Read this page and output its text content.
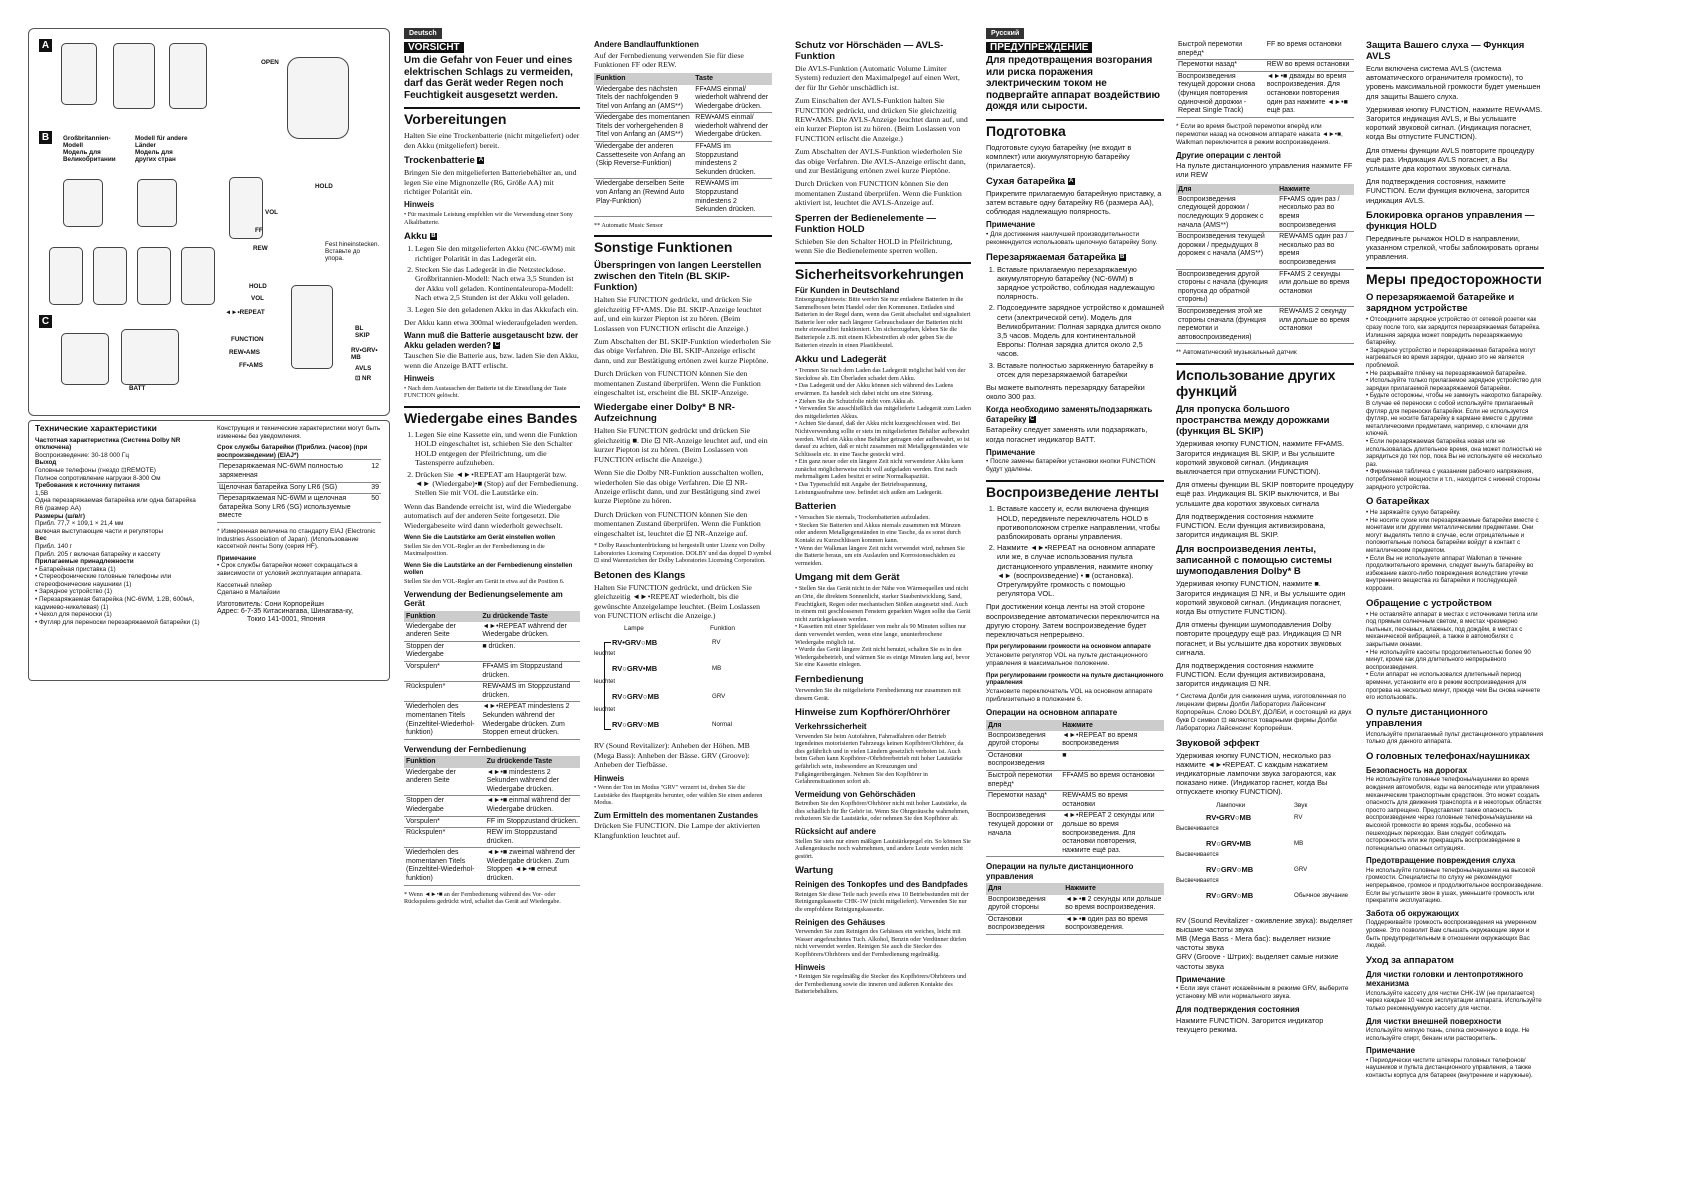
A
B
C
OPEN
Großbritannien-
Modell
Модель для
Великобритании
Modell für andere
Länder
Модель для
других стран
HOLD
VOL
FF
REW
Fest hineinstecken.
Вставьте до
упора.
HOLD
VOL
◄►•REPEAT
FUNCTION
REW•AMS
FF•AMS
BL
SKIP
RV•GRV•
MB
AVLS
⊡ NR
BATT
Технические характеристики
Частотная характеристика (Система Dolby NR отключена)
Воспроизведение: 30-18 000 Гц
Выход
Головные телефоны (гнездо ⊡REMOTE)
Полное сопротивление нагрузки 8-300 Ом
Требования к источнику питания
1,5В
Одна перезаряжаемая батарейка или одна батарейка R6 (размер AA)
Размеры (ш/в/г)
Прибл. 77,7 × 109,1 × 21,4 мм
включая выступающие части и регуляторы
Вес
Прибл. 140 г
Прибл. 205 г включая батарейку и кассету
Прилагаемые принадлежности
• Батарейная приставка (1)
• Стереофонические головные телефоны или стереофонические наушники (1)
• Зарядное устройство (1)
• Перезаряжаемая батарейка (NC-6WM, 1.2В, 600мА, кадмиево-никелевая) (1)
• Чехол для переноски (1)
• Футляр для переноски перезаряжаемой батарейки (1)

Конструкция и технические характеристики могут быть изменены без уведомления.

Срок службы батарейки (Приблиз. (часов) (при воспроизведении) (EIAJ*)
Перезаряжаемая NC-6WM полностью заряженная	12
Щелочная батарейка Sony LR6 (SG)	39
Перезаряжаемая NC-6WM и щелочная батарейка Sony LR6 (SG) используемые вместе	50

* Измеренная величина по стандарту EIAJ (Electronic Industries Association of Japan). (Использование кассетной ленты Sony (серия HF).

Примечание

• Срок службы батарейки может сокращаться в зависимости от условий эксплуатации аппарата.

Кассетный плейер

Сделано в Малайзии

Изготовитель: Сони Корпорейшн
Адрес: 6-7-35 Китасинагава, Шинагава-ку,
Токио 141-0001, Япония
Deutsch
VORSICHT
Um die Gefahr von Feuer und eines elektrischen Schlags zu vermeiden, darf das Gerät weder Regen noch Feuchtigkeit ausgesetzt werden.
Vorbereitungen

Halten Sie eine Trockenbatterie (nicht mitgeliefert) oder den Akku (mitgeliefert) bereit.

Trockenbatterie A

Bringen Sie den mitgelieferten Batteriebehälter an, und legen Sie eine Mignonzelle (R6, Größe AA) mit richtiger Polarität ein.

Hinweis

• Für maximale Leistung empfehlen wir die Verwendung einer Sony Alkalibatterie.

Akku B
1. Legen Sie den mitgelieferten Akku (NC-6WM) mit richtiger Polarität in das Ladegerät ein.
2. Stecken Sie das Ladegerät in die Netzsteckdose. Großbritannien-Modell: Nach etwa 3,5 Stunden ist der Akku voll geladen. Kontinentaleuropa-Modell: Nach etwa 2,5 Stunden ist der Akku voll geladen.
3. Legen Sie den geladenen Akku in das Akkufach ein.

Der Akku kann etwa 300mal wiederaufgeladen werden.

Wann muß die Batterie ausgetauscht bzw. der Akku geladen werden? C

Tauschen Sie die Batterie aus, bzw. laden Sie den Akku, wenn die Anzeige BATT erlischt.

Hinweis

• Nach dem Austauschen der Batterie ist die Einstellung der Taste FUNCTION gelöscht.

Wiedergabe eines Bandes
1. Legen Sie eine Kassette ein, und wenn die Funktion HOLD eingeschaltet ist, schieben Sie den Schalter HOLD entgegen der Pfeilrichtung, um die Tastensperre aufzuheben.
2. Drücken Sie ◄►•REPEAT am Hauptgerät bzw. ◄► (Wiedergabe)•■ (Stop) auf der Fernbedienung. Stellen Sie mit VOL die Lautstärke ein.

Wenn das Bandende erreicht ist, wird die Wiedergabe automatisch auf der anderen Seite fortgesetzt. Die Wiedergabeseite wird dann wiederholt gewechselt.

Wenn Sie die Lautstärke am Gerät einstellen wollen

Stellen Sie den VOL-Regler an der Fernbedienung in die Maximalposition.

Wenn Sie die Lautstärke an der Fernbedienung einstellen wollen

Stellen Sie den VOL-Regler am Gerät in etwa auf die Position 6.

Verwendung der Bedienungselemente am Gerät
Funktion	Zu drückende Taste
Wiedergabe der anderen Seite	◄►•REPEAT während der Wiedergabe drücken.
Stoppen der Wiedergabe	■ drücken.
Vorspulen*	FF•AMS im Stoppzustand drücken.
Rückspulen*	REW•AMS im Stoppzustand drücken.
Wiederholen des momentanen Titels (Einzeltitel-Wiederhol-funktion)	◄►•REPEAT mindestens 2 Sekunden während der Wiedergabe drücken. Zum Stoppen erneut drücken.
Verwendung der Fernbedienung
Funktion	Zu drückende Taste
Wiedergabe der anderen Seite	◄►•■ mindestens 2 Sekunden während der Wiedergabe drücken.
Stoppen der Wiedergabe	◄►•■ einmal während der Wiedergabe drücken.
Vorspulen*	FF im Stoppzustand drücken.
Rückspulen*	REW im Stoppzustand drücken.
Wiederholen des momentanen Titels (Einzeltitel-Wiederhol-funktion)	◄►•■ zweimal während der Wiedergabe drücken. Zum Stoppen ◄►•■ erneut drücken.

* Wenn ◄►•■ an der Fernbedienung während des Vor- oder Rückspulens gedrückt wird, schaltet das Gerät auf Wiedergabe.

Andere Bandlauffunktionen

Auf der Fernbedienung verwenden Sie für diese Funktionen FF oder REW.

Funktion	Taste
Wiedergabe des nächsten Titels der nachfolgenden 9 Titel von Anfang an (AMS**)	FF•AMS einmal/ wiederholt während der Wiedergabe drücken.
Wiedergabe des momentanen Titels der vorhergehenden 8 Titel von Anfang an (AMS**)	REW•AMS einmal/ wiederholt während der Wiedergabe drücken.
Wiedergabe der anderen Cassetteseite von Anfang an (Skip Reverse-Funktion)	FF•AMS im Stoppzustand mindestens 2 Sekunden drücken.
Wiedergabe derselben Seite von Anfang an (Rewind Auto Play-Funktion)	REW•AMS im Stoppzustand mindestens 2 Sekunden drücken.

** Automatic Music Sensor

Sonstige Funktionen
Überspringen von langen Leerstellen zwischen den Titeln (BL SKIP-Funktion)

Halten Sie FUNCTION gedrückt, und drücken Sie gleichzeitig FF•AMS. Die BL SKIP-Anzeige leuchtet auf, und ein kurzer Piepton ist zu hören. (Beim Loslassen von FUNCTION erlischt die Anzeige.)

Zum Abschalten der BL SKIP-Funktion wiederholen Sie das obige Verfahren. Die BL SKIP-Anzeige erlischt dann, und zur Bestätigung ertönen zwei kurze Pieptöne.

Durch Drücken von FUNCTION können Sie den momentanen Zustand überprüfen. Wenn die Funktion eingeschaltet ist, erscheint die BL SKIP-Anzeige.

Wiedergabe einer Dolby* B NR-Aufzeichnung

Halten Sie FUNCTION gedrückt und drücken Sie gleichzeitig ■. Die ⊡ NR-Anzeige leuchtet auf, und ein kurzer Piepton ist zu hören. (Beim Loslassen von FUNCTION erlischt die Anzeige.)

Wenn Sie die Dolby NR-Funktion ausschalten wollen, wiederholen Sie das obige Verfahren. Die ⊡ NR-Anzeige erlischt dann, und zur Bestätigung sind zwei kurze Pieptöne zu hören.

Durch Drücken von FUNCTION können Sie den momentanen Zustand überprüfen. Wenn die Funktion eingeschaltet ist, leuchtet die ⊡ NR-Anzeige auf.

* Dolby Rauschunterdrückung ist hergestellt unter Lizenz von Dolby Laboratories Licensing Corporation. DOLBY und das doppel D symbol ⊡ sind Warenzeichen der Dolby Laboratories Licensing Corporation.

Betonen des Klangs

Halten Sie FUNCTION gedrückt, und drücken Sie gleichzeitig ◄►•REPEAT wiederholt, bis die gewünschte Anzeigelampe leuchtet. (Beim Loslassen von FUNCTION erlischt die Anzeige.)

Lampe	Funktion
RV•GRV○MB
leuchtet
RV○GRV•MB
leuchtet
RV○GRV○MB
leuchtet
RV○GRV○MB
RV
MB
GRV
Normal

RV (Sound Revitalizer): Anheben der Höhen. MB (Mega Bass): Anheben der Bässe. GRV (Groove): Anheben der Tiefbässe.

Hinweis

• Wenn der Ton im Modus "GRV" verzerrt ist, drehen Sie die Lautstärke des Hauptgeräts herunter, oder wählen Sie einen anderen Modus.

Zum Ermitteln des momentanen Zustandes

Drücken Sie FUNCTION. Die Lampe der aktivierten Klangfunktion leuchtet auf.

Schutz vor Hörschäden — AVLS-Funktion

Die AVLS-Funktion (Automatic Volume Limiter System) reduziert den Maximalpegel auf einen Wert, der für Ihr Gehör unschädlich ist.

Zum Einschalten der AVLS-Funktion halten Sie FUNCTION gedrückt, und drücken Sie gleichzeitig REW•AMS. Die AVLS-Anzeige leuchtet dann auf, und ein kurzer Piepton ist zu hören. (Beim Loslassen von FUNCTION erlischt die Anzeige.)

Zum Abschalten der AVLS-Funktion wiederholen Sie das obige Verfahren. Die AVLS-Anzeige erlischt dann, und zur Bestätigung ertönen zwei kurze Pieptöne.

Durch Drücken von FUNCTION können Sie den momentanen Zustand überprüfen. Wenn die Funktion aktiviert ist, leuchtet die AVLS-Anzeige auf.

Sperren der Bedienelemente — Funktion HOLD

Schieben Sie den Schalter HOLD in Pfeilrichtung, wenn Sie die Bedienelemente sperren wollen.

Sicherheitsvorkehrungen
Für Kunden in Deutschland

Entsorgungshinweis: Bitte werfen Sie nur entladene Batterien in die Sammelboxen beim Handel oder den Kommunen. Entladen sind Batterien in der Regel dann, wenn das Gerät abschaltet und signalisiert Batterie leer oder nach längerer Gebrauchsdauer der Batterien nicht mehr einwandfrei funktioniert. Um sicherzugehen, kleben Sie die Batteriepole z.B. mit einem Klebestreifen ab oder geben Sie die Batterien einzeln in einen Plastikbeutel.

Akku und Ladegerät
• Trennen Sie nach dem Laden das Ladegerät möglichst bald von der Steckdose ab. Ein Überladen schadet dem Akku.
• Das Ladegerät und der Akku können sich während des Ladens erwärmen. Es handelt sich dabei nicht um eine Störung.
• Ziehen Sie die Schutzfolie nicht vom Akku ab.
• Verwenden Sie ausschließlich das mitgelieferte Ladegerät zum Laden des mitgelieferten Akkus.
• Achten Sie darauf, daß der Akku nicht kurzgeschlossen wird. Bei Nichtverwendung sollte er stets im mitgelieferten Behälter aufbewahrt werden. Wird ein Akku ohne Behälter getragen oder aufbewahrt, so ist darauf zu achten, daß er nicht zusammen mit Metallgegenständen wie Schlüsseln etc. in eine Tasche gesteckt wird.
• Ein ganz neuer oder ein längere Zeit nicht verwendeter Akku kann zunächst möglicherweise nicht voll aufgeladen werden. Erst nach mehrmaligem Laden besitzt er seine Normalkapazität.
• Das Typenschild mit Angabe der Betriebsspannung, Leistungsaufnahme usw. befindet sich außen am Ladegerät.
Batterien
• Versuchen Sie niemals, Trockenbatterien aufzuladen.
• Stecken Sie Batterien und Akkus niemals zusammen mit Münzen oder anderen Metallgegenständen in eine Tasche, da es sonst durch Kontakt zu Kurzschlüssen kommen kann.
• Wenn der Walkman längere Zeit nicht verwendet wird, nehmen Sie die Batterie heraus, um ein Auslaufen und Korrosionsschäden zu vermeiden.
Umgang mit dem Gerät
• Stellen Sie das Gerät nicht in der Nähe von Wärmequellen und nicht an Orte, die direktem Sonnenlicht, starker Staubentwicklung, Sand, Feuchtigkeit, Regen oder mechanischen Stößen ausgesetzt sind. Auch in einem mit geschlossenen Fenstern geparkten Wagen sollte das Gerät nicht zurückgelassen werden.
• Kassetten mit einer Spieldauer von mehr als 90 Minuten sollten nur dann verwendet werden, wenn eine lange, ununterbrochene Wiedergabe möglich ist.
• Wurde das Gerät längere Zeit nicht benutzt, schalten Sie es in den Wiedergabebetrieb, und wärmen Sie es einige Minuten lang auf, bevor Sie eine Kassette einlegen.
Fernbedienung

Verwenden Sie die mitgelieferte Fernbedienung nur zusammen mit diesem Gerät.

Hinweise zum Kopfhörer/Ohrhörer
Verkehrssicherheit

Verwenden Sie beim Autofahren, Fahrradfahren oder Betrieb irgendeines motorisierten Fahrzeugs keinen Kopfhörer/Ohrhörer, da dies gefährlich und in vielen Ländern gesetzlich verboten ist. Auch beim Gehen kann Kopfhörer-/Ohrhörerbetrieb mit hoher Lautstärke gefährlich sein, insbesondere an Kreuzungen und Fußgängerübergängen. Nehmen Sie den Kopfhörer in Gefahrensituationen sofort ab.

Vermeidung von Gehörschäden

Betreiben Sie den Kopfhörer/Ohrhörer nicht mit hoher Lautstärke, da dies schädlich für Ihr Gehör ist. Wenn Sie Ohrgeräusche wahrnehmen, reduzieren Sie die Lautstärke, oder nehmen Sie den Kopfhörer ab.

Rücksicht auf andere

Stellen Sie stets nur einen mäßigen Lautstärkepegel ein. So können Sie Außengeräusche noch wahrnehmen, und andere Leute werden nicht gestört.

Wartung
Reinigen des Tonkopfes und des Bandpfades

Reinigen Sie diese Teile nach jeweils etwa 10 Betriebsstunden mit der Reinigungskassette CHK-1W (nicht mitgeliefert). Verwenden Sie nur die empfohlene Reinigungskassette.

Reinigen des Gehäuses

Verwenden Sie zum Reinigen des Gehäuses ein weiches, leicht mit Wasser angefeuchtetes Tuch. Alkohol, Benzin oder Verdünner dürfen nicht verwendet werden. Reinigen Sie auch die Stecker des Kopfhörers/Ohrhörers und der Fernbedienung regelmäßig.

Hinweis

• Reinigen Sie regelmäßig die Stecker des Kopfhörers/Ohrhörers und der Fernbedienung sowie die inneren und äußeren Kontakte des Batteriebehälters.

Русский
ПРЕДУПРЕЖДЕНИЕ
Для предотвращения возгорания или риска поражения электрическим током не подвергайте аппарат воздействию дождя или сырости.
Подготовка

Подготовьте сухую батарейку (не входит в комплект) или аккумуляторную батарейку (прилагается).

Сухая батарейка A

Прикрепите прилагаемую батарейную приставку, а затем вставьте одну батарейку R6 (размера AA), соблюдая надлежащую полярность.

Примечание

• Для достижения наилучшей производительности рекомендуется использовать щелочную батарейку Sony.

Перезаряжаемая батарейка B
1. Вставьте прилагаемую перезаряжаемую аккумуляторную батарейку (NC-6WM) в зарядное устройство, соблюдая надлежащую полярность.
2. Подсоедините зарядное устройство к домашней сети (электрической сети). Модель для Великобритании: Полная зарядка длится около 3,5 часов. Модель для континентальной Европы: Полная зарядка длится около 2,5 часов.
3. Вставьте полностью заряженную батарейку в отсек для перезаряжаемой батарейки

Вы можете выполнять перезарядку батарейки около 300 раз.

Когда необходимо заменять/подзаряжать батарейку C

Батарейку следует заменять или подзаряжать, когда погаснет индикатор BATT.

Примечание

• После замены батарейки установки кнопки FUNCTION будут удалены.

Воспроизведение ленты
1. Вставьте кассету и, если включена функция HOLD, передвиньте переключатель HOLD в противоположном стрелке направлении, чтобы разблокировать органы управления.
2. Нажмите ◄►•REPEAT на основном аппарате или же, в случае использования пульта дистанционного управления, нажмите кнопку ◄► (воспроизведение) • ■ (остановка). Отрегулируйте громкость с помощью регулятора VOL.

При достижении конца ленты на этой стороне воспроизведение автоматически переключится на другую сторону. Затем воспроизведение будет переключаться непрерывно.

При регулировании громкости на основном аппарате

Установите регулятор VOL на пульте дистанционного управления в максимальное положение.

При регулировании громкости на пульте дистанционного управления

Установите переключатель VOL на основном аппарате приблизительно в положение 6.

Операции на основном аппарате
Для	Нажмите
Воспроизведения другой стороны	◄►•REPEAT во время воспроизведения
Остановки воспроизведения	■
Быстрой перемотки вперёд*	FF•AMS во время остановки
Перемотки назад*	REW•AMS во время остановки
Воспроизведения текущей дорожки от начала	◄►•REPEAT 2 секунды или дольше во время воспроизведения. Для остановки повторения, нажмите ещё раз.
Операции на пульте дистанционного управления
Для	Нажмите
Воспроизведения другой стороны	◄►•■ 2 секунды или дольше во время воспроизведения.
Остановки воспроизведения	◄►•■ один раз во время воспроизведения.
Быстрой перемотки вперёд*	FF во время остановки
Перемотки назад*	REW во время остановки
Воспроизведения текущей дорожки снова (функция повторения одиночной дорожки - Repeat Single Track)	◄►•■ дважды во время воспроизведения. Для остановки повторения один раз нажмите ◄►•■ ещё раз.

* Если во время быстрой перемотки вперёд или перемотки назад на основном аппарате нажата ◄►•■, Walkman переключится в режим воспроизведения.

Другие операции с лентой

На пульте дистанционного управления нажмите FF или REW

Для	Нажмите
Воспроизведения следующей дорожки / последующих 9 дорожек с начала (AMS**)	FF•AMS один раз / несколько раз во время воспроизведения
Воспроизведения текущей дорожки / предыдущих 8 дорожек с начала (AMS**)	REW•AMS один раз / несколько раз во время воспроизведения
Воспроизведения другой стороны с начала (функция пропуска до обратной стороны)	FF•AMS 2 секунды или дольше во время остановки
Воспроизведения этой же стороны сначала (функция перемотки и автовоспроизведения)	REW•AMS 2 секунду или дольше во время остановки

** Автоматический музыкальный датчик

Использование других функций
Для пропуска большого пространства между дорожками (функция BL SKIP)

Удерживая кнопку FUNCTION, нажмите FF•AMS. Загорится индикация BL SKIP, и Вы услышите короткий звуковой сигнал. (Индикация выключается при отпускании FUNCTION).

Для отмены функции BL SKIP повторите процедуру ещё раз. Индикация BL SKIP выключится, и Вы услышите два коротких звуковых сигнала

Для подтверждения состояния нажмите FUNCTION. Если функция активизирована, загорится индикация BL SKIP.

Для воспроизведения ленты, записанной с помощью системы шумоподавления Dolby* B

Удерживая кнопку FUNCTION, нажмите ■. Загорится индикация ⊡ NR, и Вы услышите один короткий звуковой сигнал. (Индикация погаснет, когда Вы отпустите FUNCTION).

Для отмены функции шумоподавления Dolby повторите процедуру ещё раз. Индикация ⊡ NR погаснет, и Вы услышите два коротких звуковых сигнала.

Для подтверждения состояния нажмите FUNCTION. Если функция активизирована, загорится индикация ⊡ NR.

* Система Долби для снижения шума, изготовленная по лицензии фирмы Долби Лабораториз Лайсенсинг Корпорейшн. Слово DOLBY, ДОЛБИ, и состоящий из двух букв D символ ⊡ являются товарными фирмы Долби Лабораториз Лайсенсинг Корпорейшн.

Звуковой эффект

Удерживая кнопку FUNCTION, несколько раз нажмите ◄►•REPEAT. С каждым нажатием индикаторные лампочки звука загораются, как показано ниже. (Индикатор гаснет, когда Вы отпускаете кнопку FUNCTION).

Лампочки	Звук
RV•GRV○MB
Высвечивается
RV○GRV•MB
Высвечивается
RV○GRV○MB
Высвечивается
RV○GRV○MB
RV
MB
GRV
Обычное звучание
RV (Sound Revitalizer - оживление звука): выделяет высшие частоты звука
MB (Mega Bass - Мега бас): выделяет низкие частоты звука
GRV (Groove - Штрих): выделяет самые низкие частоты звука
Примечание

• Если звук станет искажённым в режиме GRV, выберите установку MB или нормального звука.

Для подтверждения состояния

Нажмите FUNCTION. Загорится индикатор текущего режима.

Защита Вашего слуха — Функция AVLS

Если включена система AVLS (система автоматического ограничителя громкости), то уровень максимальной громкости будет уменьшен для защиты Вашего слуха.

Удерживая кнопку FUNCTION, нажмите REW•AMS. Загорится индикация AVLS, и Вы услышите короткий звуковой сигнал. (Индикация погаснет, когда Вы отпустите FUNCTION).

Для отмены функции AVLS повторите процедуру ещё раз. Индикация AVLS погаснет, а Вы услышите два коротких звуковых сигнала.

Для подтверждения состояния, нажмите FUNCTION. Если функция включена, загорится индикация AVLS.

Блокировка органов управления — функция HOLD

Передвиньте рычажок HOLD в направлении, указанном стрелкой, чтобы заблокировать органы управления.

Меры предосторожности
О перезаряжаемой батарейке и зарядном устройстве
• Отсоедините зарядное устройство от сетевой розетки как сразу после того, как зарядится перезаряжаемая батарейка. Излишняя зарядка может повредить перезаряжаемую батарейку.
• Зарядное устройство и перезаряжаемая батарейка могут нагреваться во время зарядки, однако это не является проблемой.
• Не разрывайте плёнку на перезаряжаемой батарейке.
• Используйте только прилагаемое зарядное устройство для зарядки прилагаемой перезаряжаемой батарейки.
• Будьте осторожны, чтобы не замкнуть накоротко батарейку. В случае её переноски с собой используйте прилагаемый футляр для переноски батарейки. Если не используется футляр, не носите батарейку в кармане вместе с другими металлическими предметами, например, с ключами для ключей.
• Если перезаряжаемая батарейка новая или не использовалась длительное время, она может полностью не зарядиться до тех пор, пока Вы не используете её несколько раз.
• Фирменная табличка с указанием рабочего напряжения, потребляемой мощности и т.п., находится с нижней стороны зарядного устройства.
О батарейках
• Не заряжайте сухую батарейку.
• Не носите сухие или перезаряжаемые батарейки вместе с монетами или другими металлическими предметами. Они могут выделять тепло в случае, если отрицательные и положительные полюса батарейки войдут в контакт с металлическим предметом.
• Если Вы не используете аппарат Walkman в течение продолжительного времени, следует вынуть батарейку во избежание какого-либо повреждения вследствие утечки внутреннего вещества из батарейки и последующей коррозии.
Обращение с устройством
• Не оставляйте аппарат в местах с источниками тепла или под прямым солнечным светом, в местах чрезмерно пыльных, песчаных, влажных, под дождём, в местах с механической вибрацией, а также в автомобилях с закрытыми окнами.
• Не используйте кассеты продолжительностью более 90 минут, кроме как для длительного непрерывного воспроизведения.
• Если аппарат не использовался длительный период времени, установите его в режим воспроизведения для прогрева на несколько минут, прежде чем Вы снова начнете его использовать.
О пульте дистанционного управления

Используйте прилагаемый пульт дистанционного управления только для данного аппарата.

О головных телефонах/наушниках
Безопасность на дорогах

Не используйте головные телефоны/наушники во время вождения автомобиля, езды на велосипеде или управления механическим транспортным средством. Это может создать опасность для движения транспорта и в некоторых областях просто запрещено. Представляет также опасность воспроизведение через головные телефоны/наушники на высокой громкости во время ходьбы, особенно на пешеходных переходах. Вам следует соблюдать осторожность или же прекращать воспроизведение в потенциально опасных ситуациях.

Предотвращение повреждения слуха

Не используйте головные телефоны/наушники на высокой громкости. Специалисты по слуху не рекомендуют непрерывное, громкое и продолжительное воспроизведение. Если вы услышите звон в ушах, уменьшите громкость или прекратите эксплуатацию.

Забота об окружающих

Поддерживайте громкость воспроизведения на умеренном уровне. Это позволит Вам слышать окружающие звуки и быть предупредительным в отношении окружающих Вас людей.

Уход за аппаратом
Для чистки головки и лентопротяжного механизма

Используйте кассету для чистки CHK-1W (не прилагается) через каждые 10 часов эксплуатации аппарата. Используйте только рекомендуемую кассету для чистки.

Для чистки внешней поверхности

Используйте мягкую ткань, слегка смоченную в воде. Не используйте спирт, бензин или растворитель.

Примечание

• Периодически чистите штекеры головных телефонов/наушников и пульта дистанционного управления, а также контакты корпуса для батареек (внутренние и наружные).
